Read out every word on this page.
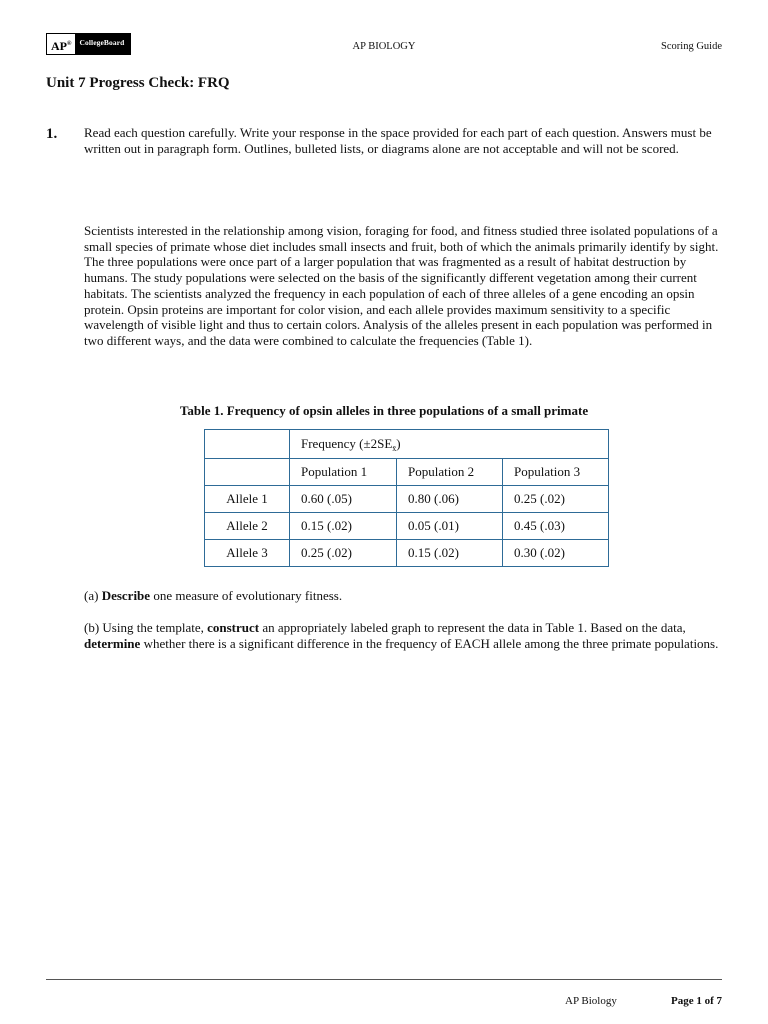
AP®	CollegeBoard	AP BIOLOGY	Scoring Guide
Unit 7 Progress Check: FRQ
1. Read each question carefully. Write your response in the space provided for each part of each question. Answers must be written out in paragraph form. Outlines, bulleted lists, or diagrams alone are not acceptable and will not be scored.

Scientists interested in the relationship among vision, foraging for food, and fitness studied three isolated populations of a small species of primate whose diet includes small insects and fruit, both of which the animals primarily identify by sight. The three populations were once part of a larger population that was fragmented as a result of habitat destruction by humans. The study populations were selected on the basis of the significantly different vegetation among their current habitats. The scientists analyzed the frequency in each population of each of three alleles of a gene encoding an opsin protein. Opsin proteins are important for color vision, and each allele provides maximum sensitivity to a specific wavelength of visible light and thus to certain colors. Analysis of the alleles present in each population was performed in two different ways, and the data were combined to calculate the frequencies (Table 1).

Table 1. Frequency of opsin alleles in three populations of a small primate
	Frequency $(\pm 2SE_{x̄})$		
	Population 1	Population 2	Population 3
Allele 1	0.60 (.05)	0.80 (.06)	0.25 (.02)
Allele 2	0.15 (.02)	0.05 (.01)	0.45 (.03)
Allele 3	0.25 (.02)	0.15 (.02)	0.30 (.02)

(a) Describe one measure of evolutionary fitness.

(b) Using the template, construct an appropriately labeled graph to represent the data in Table 1. Based on the data, determine whether there is a significant difference in the frequency of EACH allele among the three primate populations.

AP Biology	Page 1 of 7
